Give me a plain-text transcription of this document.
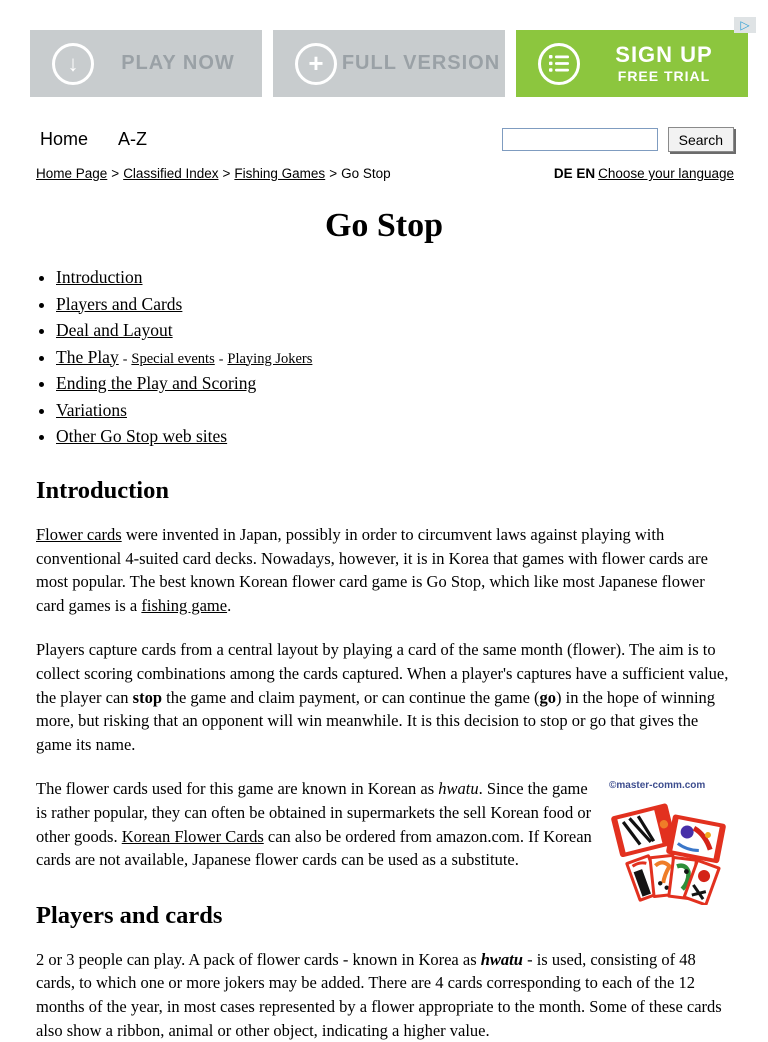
↓	PLAY NOW	+ FULL VERSION	SIGN UP
FREE TRIAL
▷
Home A-Z	Search
Home Page > Classified Index > Fishing Games > Go Stop	DE EN Choose your language
Go Stop
• Introduction
• Players and Cards
• Deal and Layout
• The Play - Special events - Playing Jokers
• Ending the Play and Scoring
• Variations
• Other Go Stop web sites
Introduction

Flower cards were invented in Japan, possibly in order to circumvent laws against playing with conventional 4-suited card decks. Nowadays, however, it is in Korea that games with flower cards are most popular. The best known Korean flower card game is Go Stop, which like most Japanese flower card games is a fishing game.

Players capture cards from a central layout by playing a card of the same month (flower). The aim is to collect scoring combinations among the cards captured. When a player's captures have a sufficient value, the player can stop the game and claim payment, or can continue the game (go) in the hope of winning more, but risking that an opponent will win meanwhile. It is this decision to stop or go that gives the game its name.

©master-comm.com

The flower cards used for this game are known in Korean as hwatu. Since the game is rather popular, they can often be obtained in supermarkets the sell Korean food or other goods. Korean Flower Cards can also be ordered from amazon.com. If Korean cards are not available, Japanese flower cards can be used as a substitute.

Players and cards

2 or 3 people can play. A pack of flower cards - known in Korea as hwatu - is used, consisting of 48 cards, to which one or more jokers may be added. There are 4 cards corresponding to each of the 12 months of the year, in most cases represented by a flower appropriate to the month. Some of these cards also show a ribbon, animal or other object, indicating a higher value.
